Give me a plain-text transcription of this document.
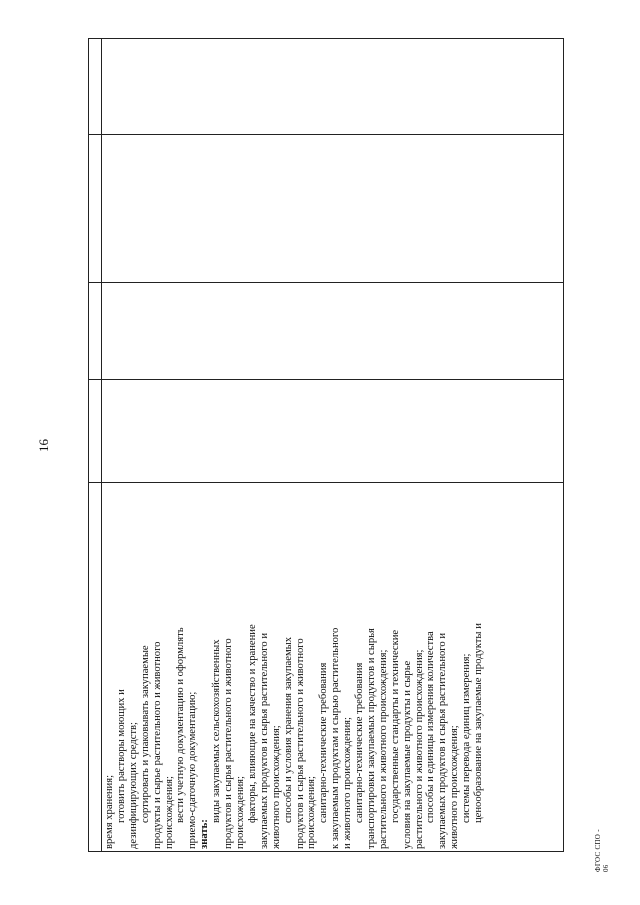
16
время хранения; готовить растворы моющих и дезинфицирующих средств; сортировать и упаковывать закупаемые продукты и сырье растительного и животного происхождения; вести учетную документацию и оформлять приемо-сдаточную документацию; знать:
виды закупаемых сельскохозяйственных продуктов и сырья растительного и животного происхождения; факторы, влияющие на качество и хранение закупаемых продуктов и сырья растительного и животного происхождения; способы и условия хранения закупаемых продуктов и сырья растительного и животного происхождения; санитарно-технические требования к закупаемым продуктам и сырью растительного и животного происхождения; санитарно-технические требования транспортировки закупаемых продуктов и сырья растительного и животного происхождения; государственные стандарты и технические условия на закупаемые продукты и сырье растительного и животного происхождения; способы и единицы измерения количества закупаемых продуктов и сырья растительного и животного происхождения; системы перевода единиц измерения; ценообразование на закупаемые продукты и
ФГОС СПО - 06
